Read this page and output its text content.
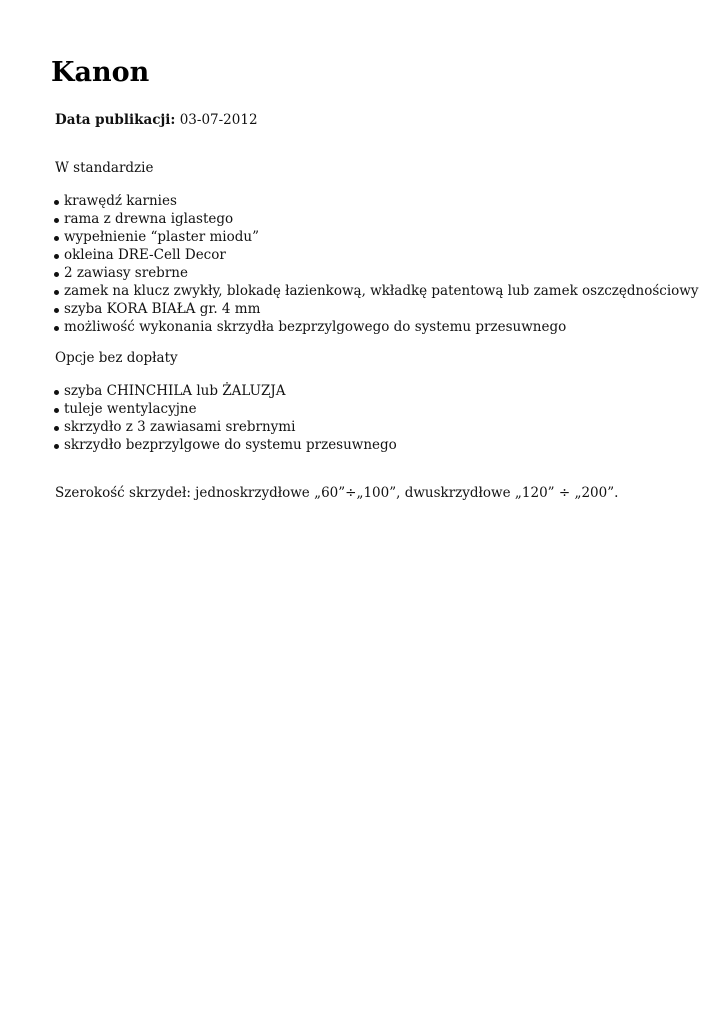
Kanon
Data publikacji: 03-07-2012

W standardzie

krawędź karnies
rama z drewna iglastego
wypełnienie “plaster miodu”
okleina DRE-Cell Decor
2 zawiasy srebrne
zamek na klucz zwykły, blokadę łazienkową, wkładkę patentową lub zamek oszczędnościowy
szyba KORA BIAŁA gr. 4 mm
możliwość wykonania skrzydła bezprzylgowego do systemu przesuwnego

Opcje bez dopłaty

szyba CHINCHILA lub ŻALUZJA
tuleje wentylacyjne
skrzydło z 3 zawiasami srebrnymi
skrzydło bezprzylgowe do systemu przesuwnego

Szerokość skrzydeł: jednoskrzydłowe „60”÷„100”, dwuskrzydłowe „120” ÷ „200”.
